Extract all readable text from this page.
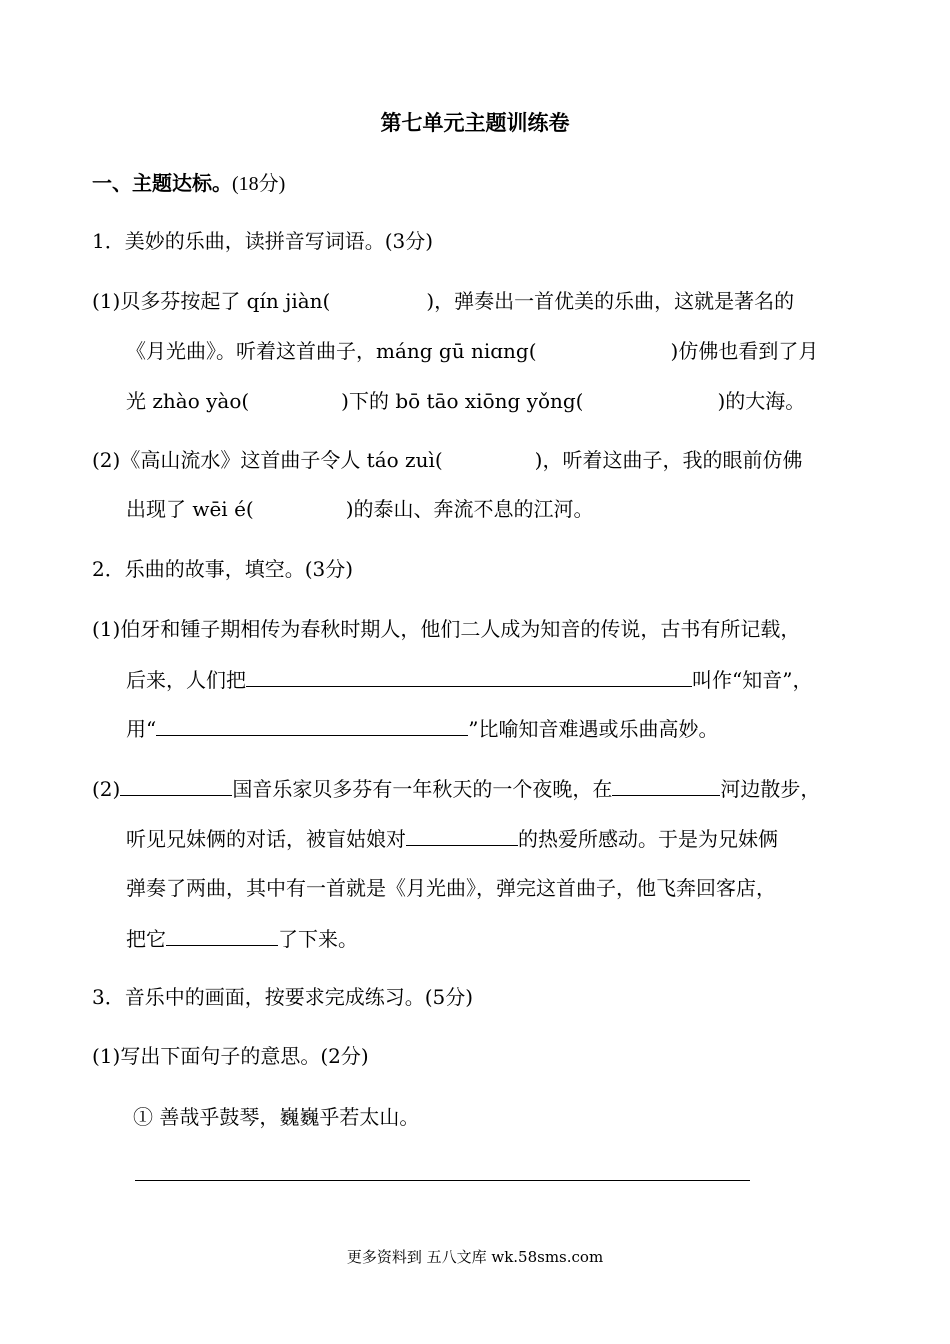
第七单元主题训练卷
一、主题达标。(18分)
1．美妙的乐曲，读拼音写词语。(3分)
(1)贝多芬按起了 qín jiàn(	)，弹奏出一首优美的乐曲，这就是著名的
《月光曲》。听着这首曲子，máng gū niɑng(	)仿佛也看到了月
光 zhào yào(	)下的 bō tāo xiōng yǒng(	)的大海。
(2)《高山流水》这首曲子令人 táo zuì(	)，听着这曲子，我的眼前仿佛
出现了 wēi é(	)的泰山、奔流不息的江河。
2．乐曲的故事，填空。(3分)
(1)伯牙和锺子期相传为春秋时期人，他们二人成为知音的传说，古书有所记载，
后来，人们把	叫作“知音”，
用“	”比喻知音难遇或乐曲高妙。
(2)	国音乐家贝多芬有一年秋天的一个夜晚，在	河边散步，
听见兄妹俩的对话，被盲姑娘对	的热爱所感动。于是为兄妹俩
弹奏了两曲，其中有一首就是《月光曲》，弹完这首曲子，他飞奔回客店，
把它	了下来。
3．音乐中的画面，按要求完成练习。(5分)
(1)写出下面句子的意思。(2分)
① 善哉乎鼓琴，巍巍乎若太山。
更多资料到 五八文库 wk.58sms.com
